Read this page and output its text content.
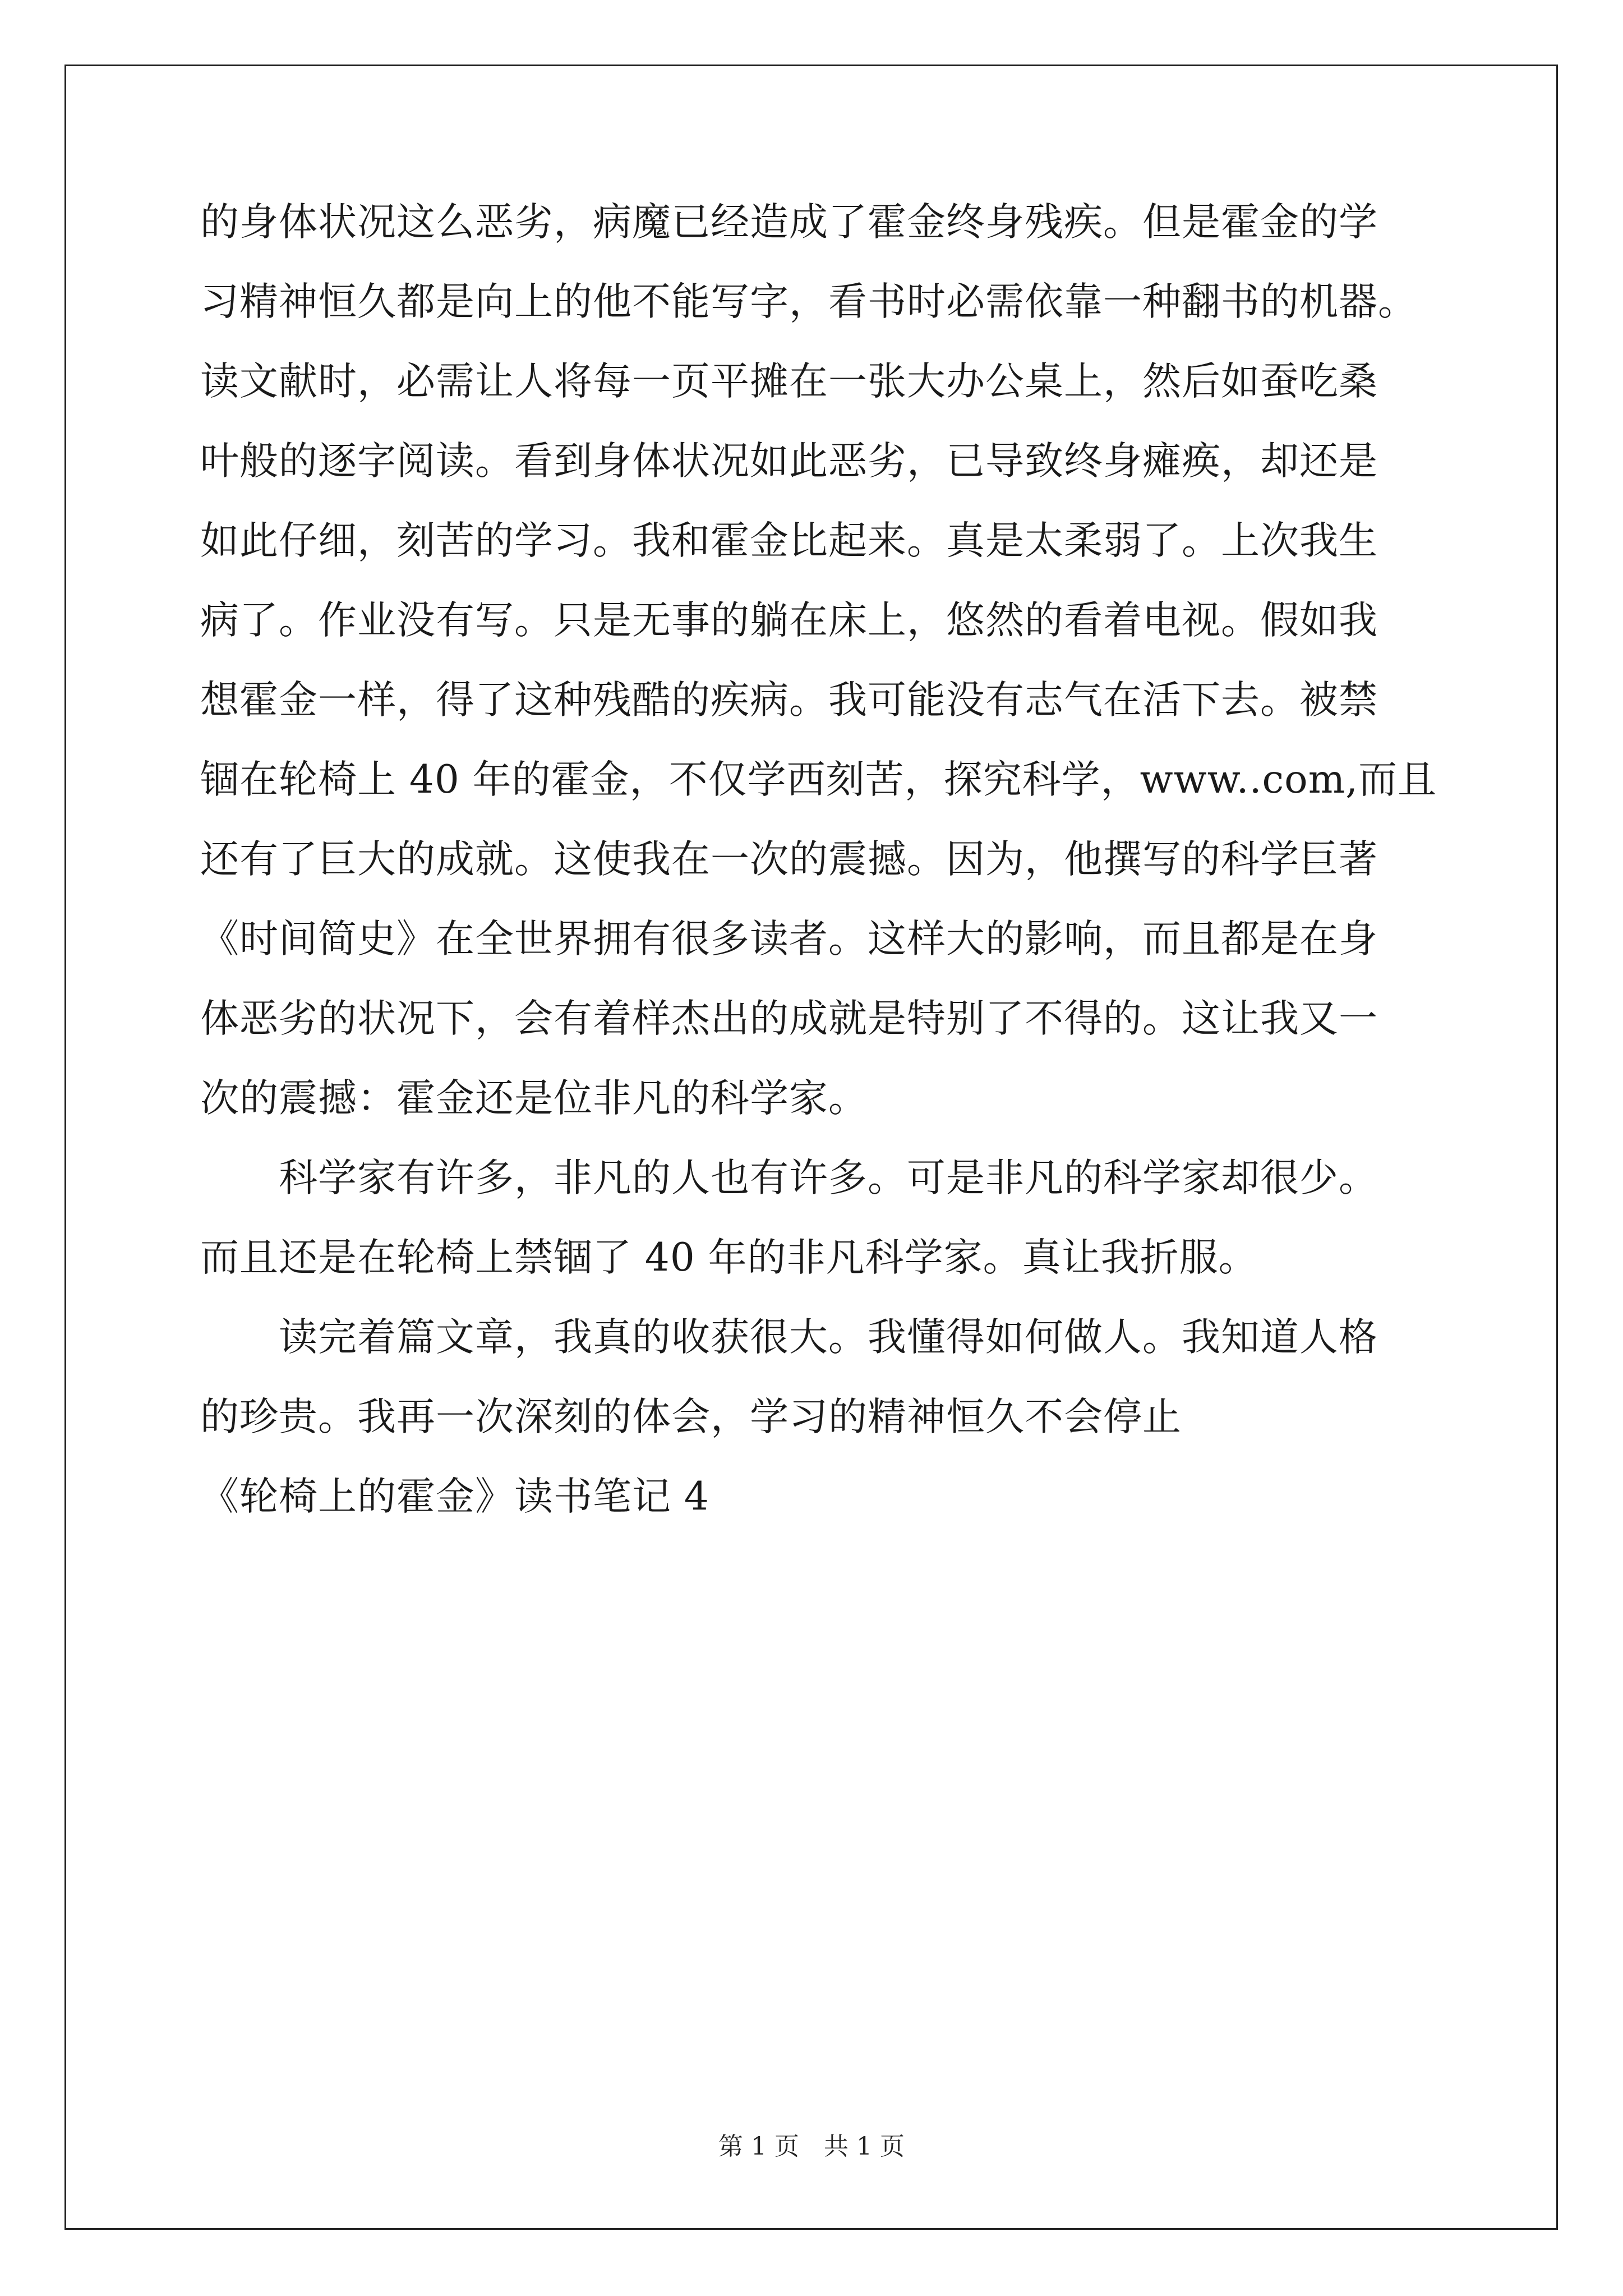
的身体状况这么恶劣，病魔已经造成了霍金终身残疾。但是霍金的学

习精神恒久都是向上的他不能写字，看书时必需依靠一种翻书的机器。

读文献时，必需让人将每一页平摊在一张大办公桌上，然后如蚕吃桑

叶般的逐字阅读。看到身体状况如此恶劣，已导致终身瘫痪，却还是

如此仔细，刻苦的学习。我和霍金比起来。真是太柔弱了。上次我生

病了。作业没有写。只是无事的躺在床上，悠然的看着电视。假如我

想霍金一样，得了这种残酷的疾病。我可能没有志气在活下去。被禁

锢在轮椅上 40 年的霍金，不仅学西刻苦，探究科学，www..com,而且

还有了巨大的成就。这使我在一次的震撼。因为，他撰写的科学巨著

《时间简史》在全世界拥有很多读者。这样大的影响，而且都是在身

体恶劣的状况下，会有着样杰出的成就是特别了不得的。这让我又一

次的震撼：霍金还是位非凡的科学家。

　　科学家有许多，非凡的人也有许多。可是非凡的科学家却很少。

而且还是在轮椅上禁锢了 40 年的非凡科学家。真让我折服。

　　读完着篇文章，我真的收获很大。我懂得如何做人。我知道人格

的珍贵。我再一次深刻的体会，学习的精神恒久不会停止

《轮椅上的霍金》读书笔记 4

第 1 页　共 1 页
